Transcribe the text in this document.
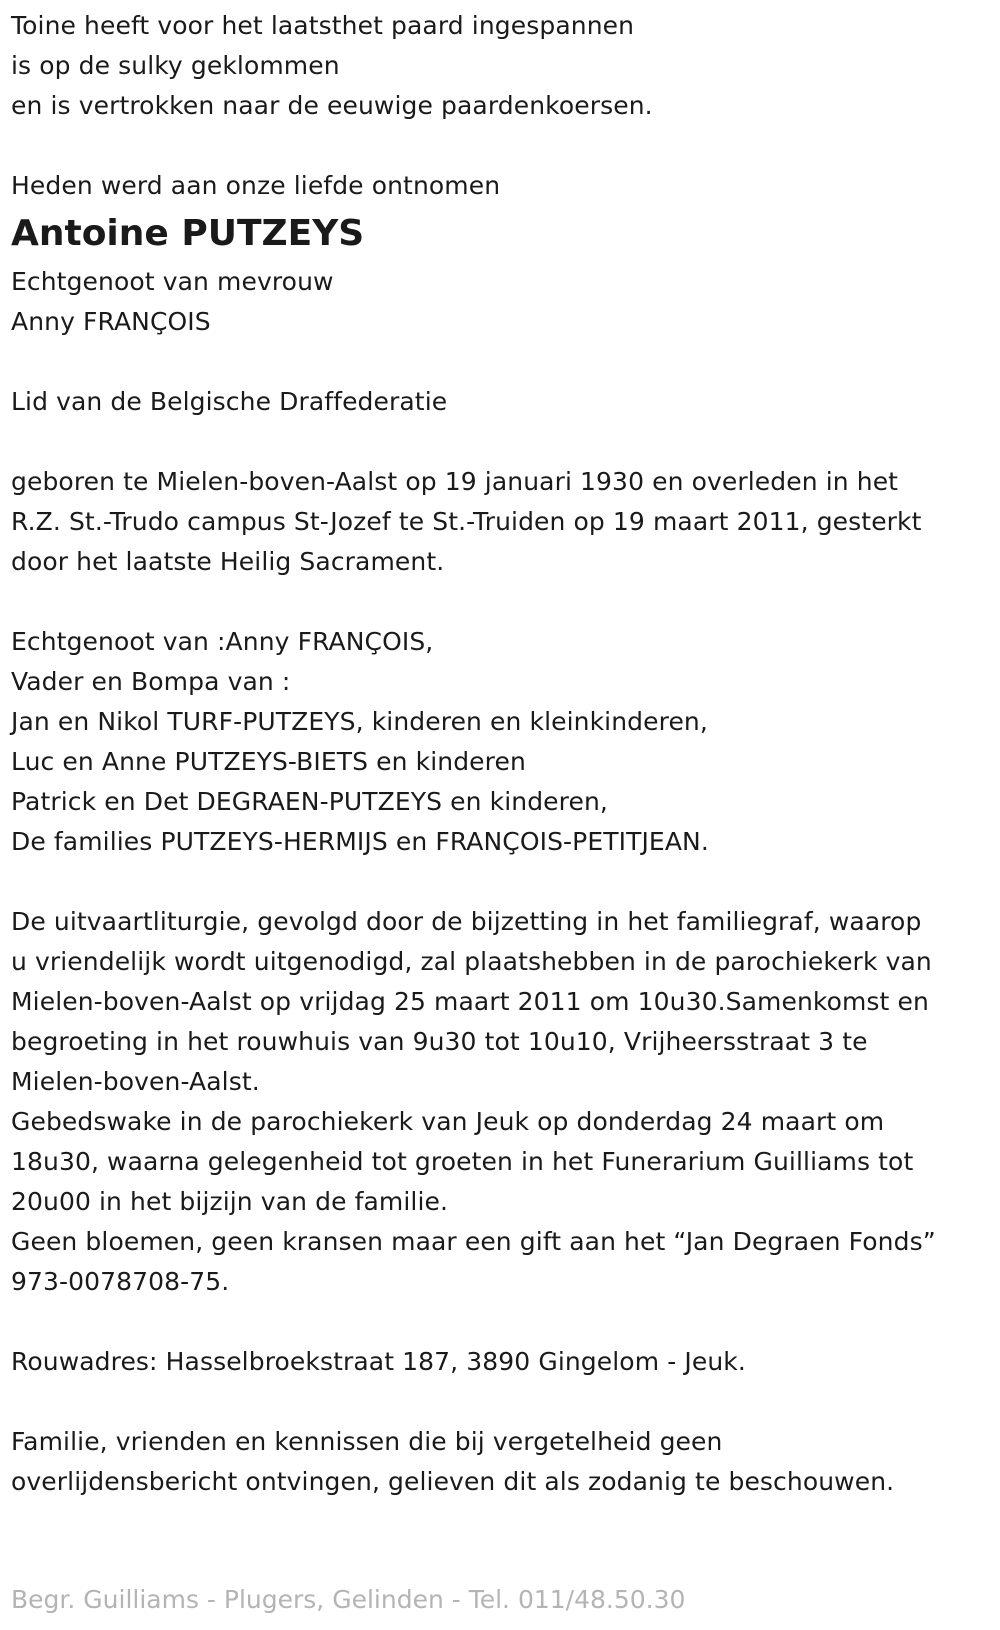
Toine heeft voor het laatsthet paard ingespannen
is op de sulky geklommen
en is vertrokken naar de eeuwige paardenkoersen.
Heden werd aan onze liefde ontnomen
Antoine PUTZEYS
Echtgenoot van mevrouw
Anny FRANÇOIS
Lid van de Belgische Draffederatie
geboren te Mielen-boven-Aalst op 19 januari 1930 en overleden in het
R.Z. St.-Trudo campus St-Jozef te St.-Truiden op 19 maart 2011, gesterkt
door het laatste Heilig Sacrament.
Echtgenoot van :Anny FRANÇOIS,
Vader en Bompa van :
Jan en Nikol TURF-PUTZEYS, kinderen en kleinkinderen,
Luc en Anne PUTZEYS-BIETS en kinderen
Patrick en Det DEGRAEN-PUTZEYS en kinderen,
De families PUTZEYS-HERMIJS en FRANÇOIS-PETITJEAN.
De uitvaartliturgie, gevolgd door de bijzetting in het familiegraf, waarop
u vriendelijk wordt uitgenodigd, zal plaatshebben in de parochiekerk van
Mielen-boven-Aalst op vrijdag 25 maart 2011 om 10u30.Samenkomst en
begroeting in het rouwhuis van 9u30 tot 10u10, Vrijheersstraat 3 te
Mielen-boven-Aalst.
Gebedswake in de parochiekerk van Jeuk op donderdag 24 maart om
18u30, waarna gelegenheid tot groeten in het Funerarium Guilliams tot
20u00 in het bijzijn van de familie.
Geen bloemen, geen kransen maar een gift aan het “Jan Degraen Fonds”
973-0078708-75.
Rouwadres: Hasselbroekstraat 187, 3890 Gingelom - Jeuk.
Familie, vrienden en kennissen die bij vergetelheid geen
overlijdensbericht ontvingen, gelieven dit als zodanig te beschouwen.
Begr. Guilliams - Plugers, Gelinden - Tel. 011/48.50.30
